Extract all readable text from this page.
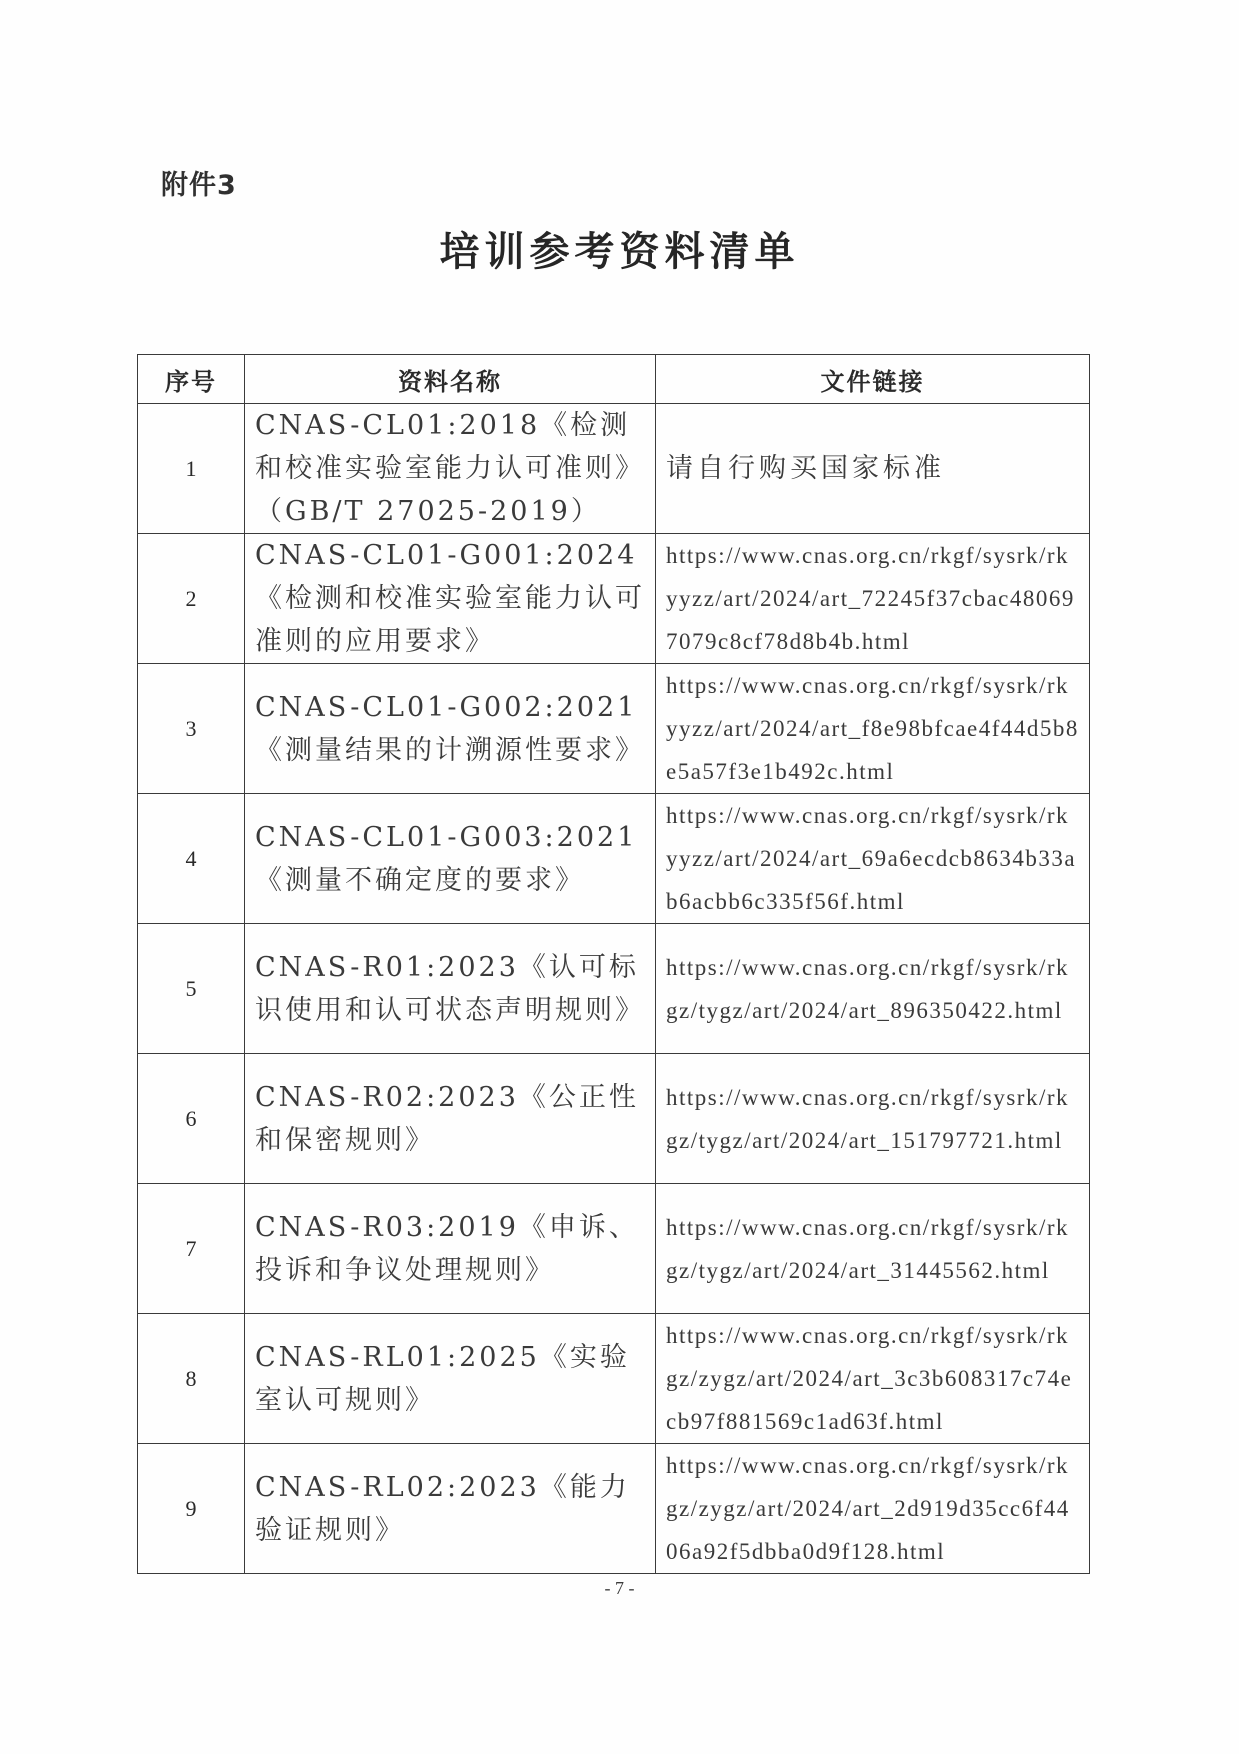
附件3
培训参考资料清单
序号	资料名称	文件链接
1	CNAS-CL01:2018《检测和校准实验室能力认可准则》（GB/T 27025-2019）	请自行购买国家标准
2	CNAS-CL01-G001:2024《检测和校准实验室能力认可准则的应用要求》	https://www.cnas.org.cn/rkgf/sysrk/rkyyzz/art/2024/art_72245f37cbac480697079c8cf78d8b4b.html
3	CNAS-CL01-G002:2021《测量结果的计溯源性要求》	https://www.cnas.org.cn/rkgf/sysrk/rkyyzz/art/2024/art_f8e98bfcae4f44d5b8e5a57f3e1b492c.html
4	CNAS-CL01-G003:2021《测量不确定度的要求》	https://www.cnas.org.cn/rkgf/sysrk/rkyyzz/art/2024/art_69a6ecdcb8634b33ab6acbb6c335f56f.html
5	CNAS-R01:2023《认可标识使用和认可状态声明规则》	https://www.cnas.org.cn/rkgf/sysrk/rkgz/tygz/art/2024/art_896350422.html
6	CNAS-R02:2023《公正性和保密规则》	https://www.cnas.org.cn/rkgf/sysrk/rkgz/tygz/art/2024/art_151797721.html
7	CNAS-R03:2019《申诉、投诉和争议处理规则》	https://www.cnas.org.cn/rkgf/sysrk/rkgz/tygz/art/2024/art_31445562.html
8	CNAS-RL01:2025《实验室认可规则》	https://www.cnas.org.cn/rkgf/sysrk/rkgz/zygz/art/2024/art_3c3b608317c74ecb97f881569c1ad63f.html
9	CNAS-RL02:2023《能力验证规则》	https://www.cnas.org.cn/rkgf/sysrk/rkgz/zygz/art/2024/art_2d919d35cc6f4406a92f5dbba0d9f128.html
- 7 -
